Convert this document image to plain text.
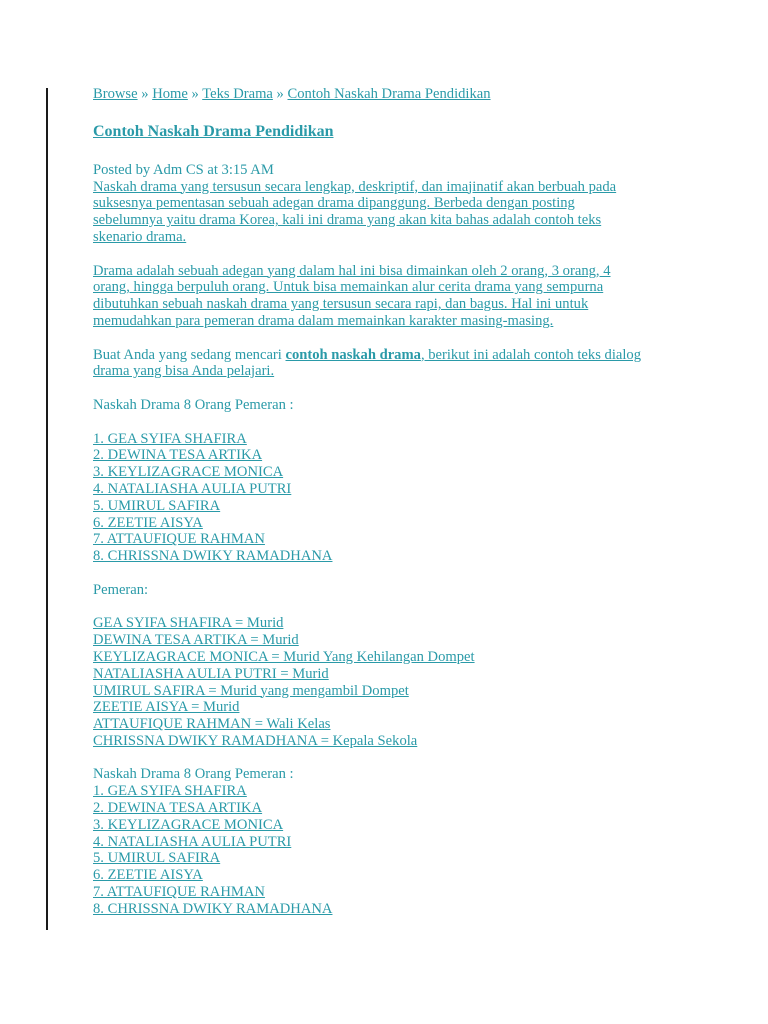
Browse » Home » Teks Drama » Contoh Naskah Drama Pendidikan
Contoh Naskah Drama Pendidikan
Posted by Adm CS at 3:15 AM
Naskah drama yang tersusun secara lengkap, deskriptif, dan imajinatif akan berbuah pada
suksesnya pementasan sebuah adegan drama dipanggung. Berbeda dengan posting
sebelumnya yaitu drama Korea, kali ini drama yang akan kita bahas adalah contoh teks
skenario drama.
Drama adalah sebuah adegan yang dalam hal ini bisa dimainkan oleh 2 orang, 3 orang, 4
orang, hingga berpuluh orang. Untuk bisa memainkan alur cerita drama yang sempurna
dibutuhkan sebuah naskah drama yang tersusun secara rapi, dan bagus. Hal ini untuk
memudahkan para pemeran drama dalam memainkan karakter masing-masing.
Buat Anda yang sedang mencari contoh naskah drama, berikut ini adalah contoh teks dialog
drama yang bisa Anda pelajari.
Naskah Drama 8 Orang Pemeran :
1. GEA SYIFA SHAFIRA
2. DEWINA TESA ARTIKA
3. KEYLIZAGRACE MONICA
4. NATALIASHA AULIA PUTRI
5. UMIRUL SAFIRA
6. ZEETIE AISYA
7. ATTAUFIQUE RAHMAN
8. CHRISSNA DWIKY RAMADHANA
Pemeran:
GEA SYIFA SHAFIRA = Murid
DEWINA TESA ARTIKA = Murid
KEYLIZAGRACE MONICA = Murid Yang Kehilangan Dompet
NATALIASHA AULIA PUTRI = Murid
UMIRUL SAFIRA = Murid yang mengambil Dompet
ZEETIE AISYA = Murid
ATTAUFIQUE RAHMAN = Wali Kelas
CHRISSNA DWIKY RAMADHANA = Kepala Sekola
Naskah Drama 8 Orang Pemeran :
1. GEA SYIFA SHAFIRA
2. DEWINA TESA ARTIKA
3. KEYLIZAGRACE MONICA
4. NATALIASHA AULIA PUTRI
5. UMIRUL SAFIRA
6. ZEETIE AISYA
7. ATTAUFIQUE RAHMAN
8. CHRISSNA DWIKY RAMADHANA
